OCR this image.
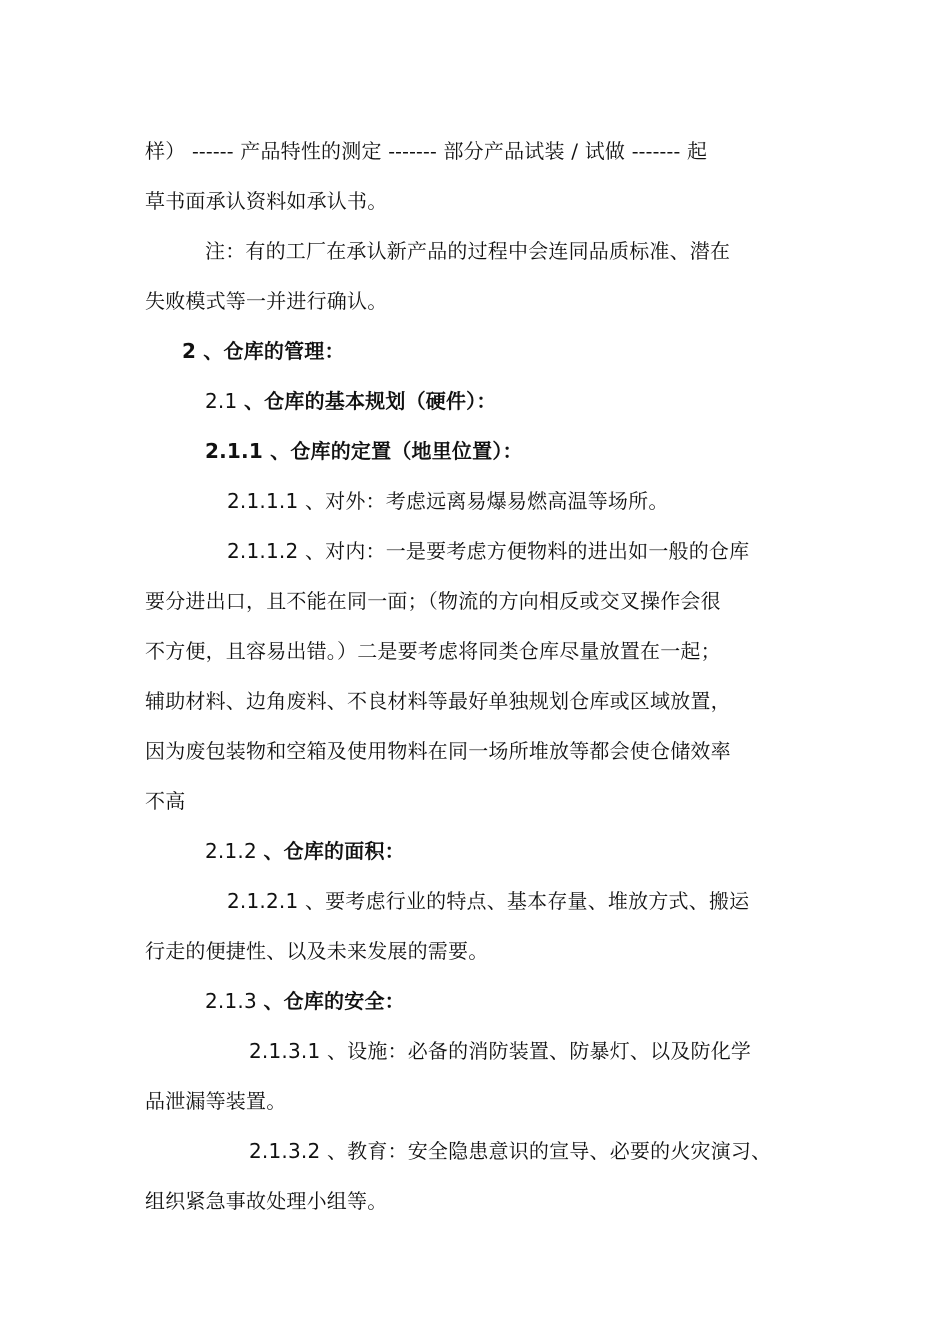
样） ------ 产品特性的测定 ------- 部分产品试装 / 试做 ------- 起
草书面承认资料如承认书。
注：有的工厂在承认新产品的过程中会连同品质标准、潜在
失败模式等一并进行确认。
2 、仓库的管理：
2.1 、仓库的基本规划（硬件）：
2.1.1 、仓库的定置（地里位置）：
2.1.1.1 、对外：考虑远离易爆易燃高温等场所。
2.1.1.2 、对内：一是要考虑方便物料的进出如一般的仓库
要分进出口，且不能在同一面；（物流的方向相反或交叉操作会很
不方便，且容易出错。）二是要考虑将同类仓库尽量放置在一起；
辅助材料、边角废料、不良材料等最好单独规划仓库或区域放置，
因为废包装物和空箱及使用物料在同一场所堆放等都会使仓储效率
不高
2.1.2 、仓库的面积：
2.1.2.1 、要考虑行业的特点、基本存量、堆放方式、搬运
行走的便捷性、以及未来发展的需要。
2.1.3 、仓库的安全：
2.1.3.1 、设施：必备的消防装置、防暴灯、以及防化学
品泄漏等装置。
2.1.3.2 、教育：安全隐患意识的宣导、必要的火灾演习、
组织紧急事故处理小组等。
